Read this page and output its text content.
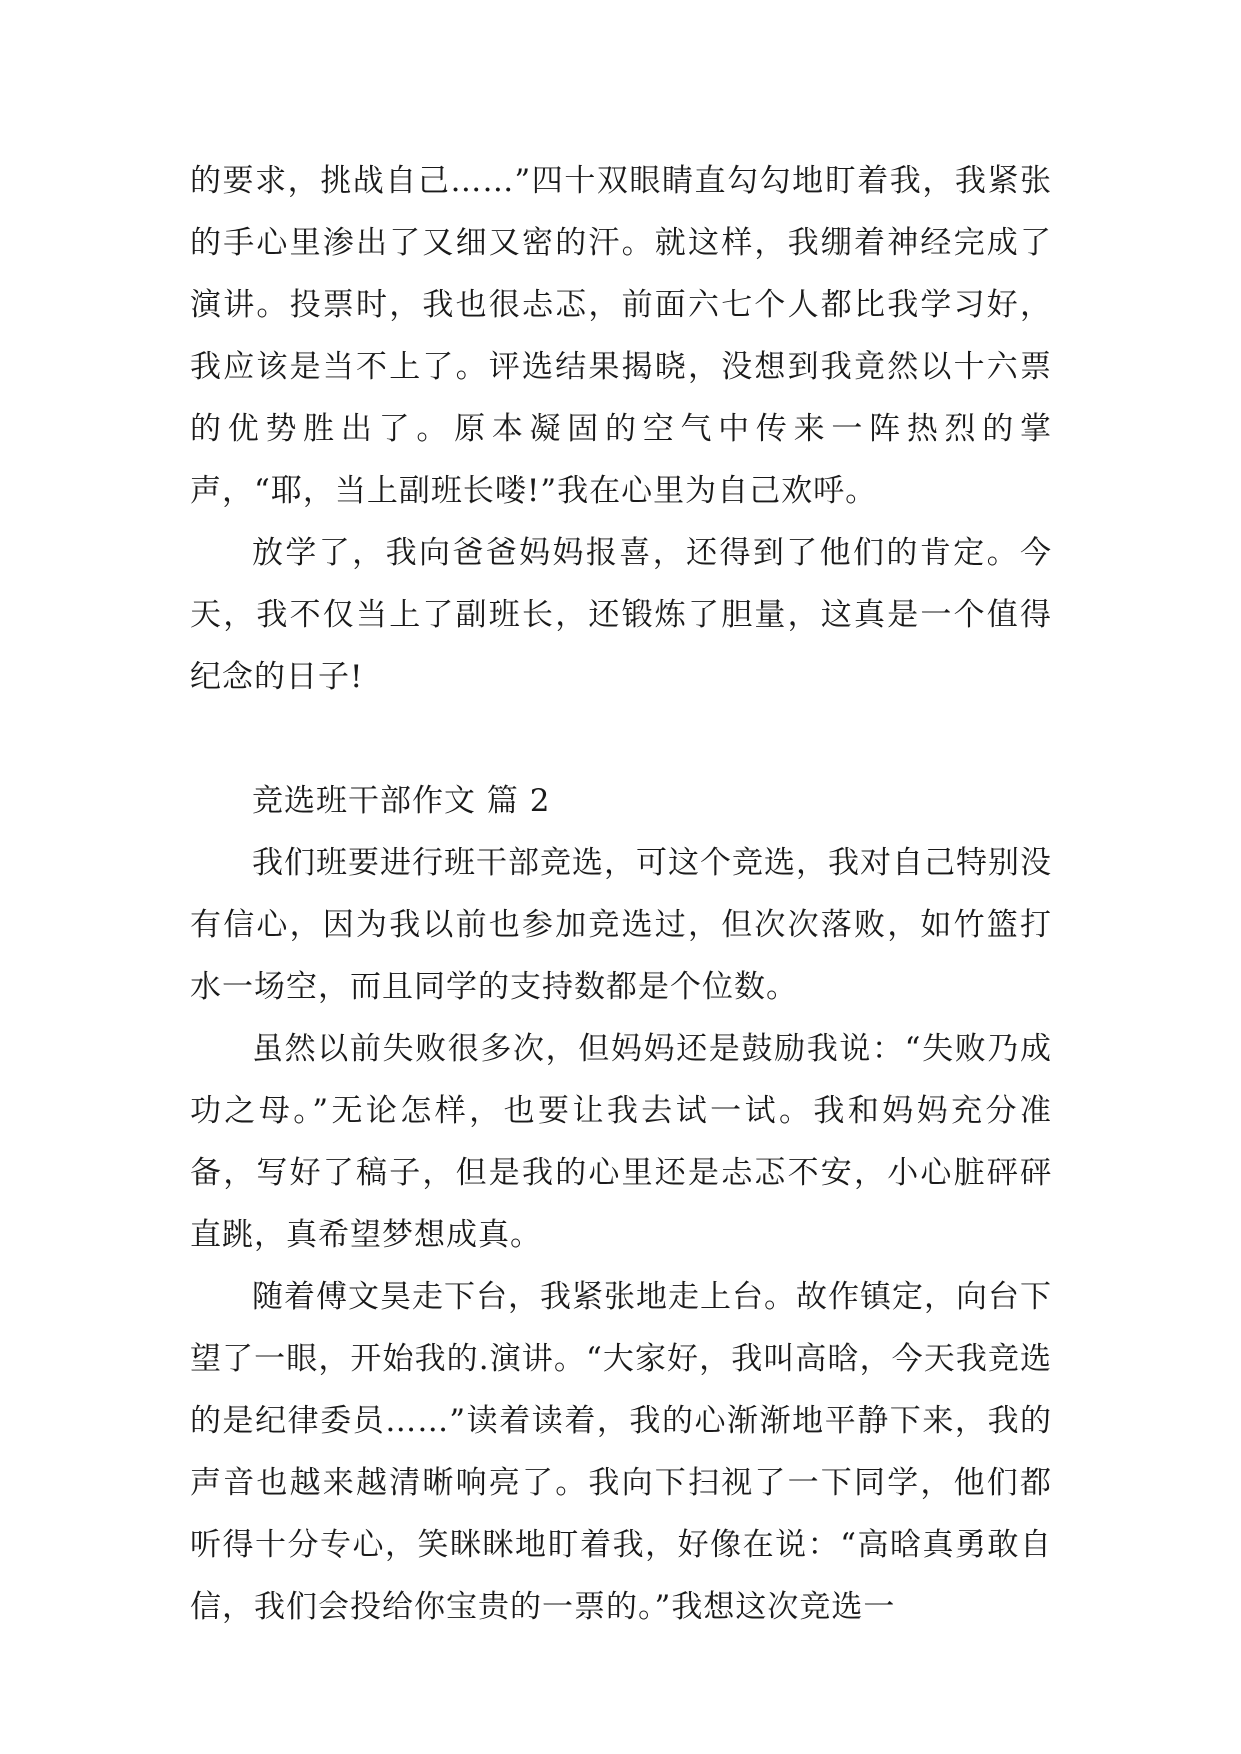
的要求，挑战自己……”四十双眼睛直勾勾地盯着我，我紧张的手心里渗出了又细又密的汗。就这样，我绷着神经完成了演讲。投票时，我也很忐忑，前面六七个人都比我学习好，我应该是当不上了。评选结果揭晓，没想到我竟然以十六票的优势胜出了。原本凝固的空气中传来一阵热烈的掌声，“耶，当上副班长喽!”我在心里为自己欢呼。

放学了，我向爸爸妈妈报喜，还得到了他们的肯定。今天，我不仅当上了副班长，还锻炼了胆量，这真是一个值得纪念的日子!

竞选班干部作文 篇 2

我们班要进行班干部竞选，可这个竞选，我对自己特别没有信心，因为我以前也参加竞选过，但次次落败，如竹篮打水一场空，而且同学的支持数都是个位数。

虽然以前失败很多次，但妈妈还是鼓励我说：“失败乃成功之母。”无论怎样，也要让我去试一试。我和妈妈充分准备，写好了稿子，但是我的心里还是忐忑不安，小心脏砰砰直跳，真希望梦想成真。

随着傅文昊走下台，我紧张地走上台。故作镇定，向台下望了一眼，开始我的.演讲。“大家好，我叫高晗，今天我竞选的是纪律委员……”读着读着，我的心渐渐地平静下来，我的声音也越来越清晰响亮了。我向下扫视了一下同学，他们都听得十分专心，笑眯眯地盯着我，好像在说：“高晗真勇敢自信，我们会投给你宝贵的一票的。”我想这次竞选一
